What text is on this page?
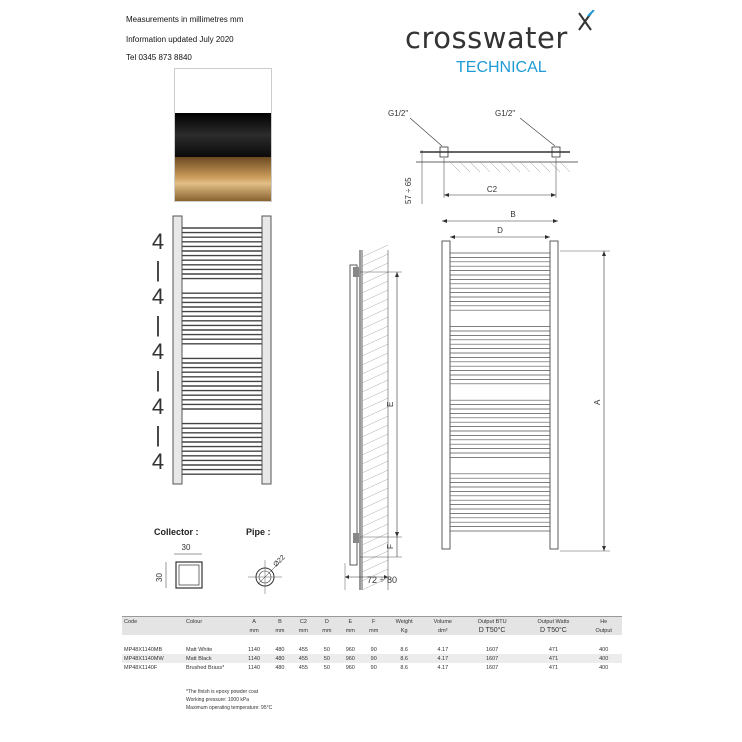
Measurements in millimetres mm
Information updated July 2020
Tel 0345 873 8840
crosswater
TECHNICAL
4
|
4
|
4
|
4
|
4
G1/2"	G1/2"
C2
57 ÷ 65
B
D
A
E
F
72 ÷ 80
Collector :
30
30
Pipe :
Ø22
Code	Colour	A	B	C2	D	E	F	Weight	Volume	Output BTU	Output Watts	He
		mm	mm	mm	mm	mm	mm	Kg	dm³	D T50°C	D T50°C	Output

MP48X1140MB	Matt White	1140	480	455	50	960	90	8.6	4.17	1607	471	400
MP48X1140MW	Matt Black	1140	480	455	50	960	90	8.6	4.17	1607	471	400
MP48X1140F	Brushed Brass*	1140	480	455	50	960	90	8.6	4.17	1607	471	400
*The finish is epoxy powder coat
Working pressure: 1000 kPa
Maximum operating temperature: 95°C
